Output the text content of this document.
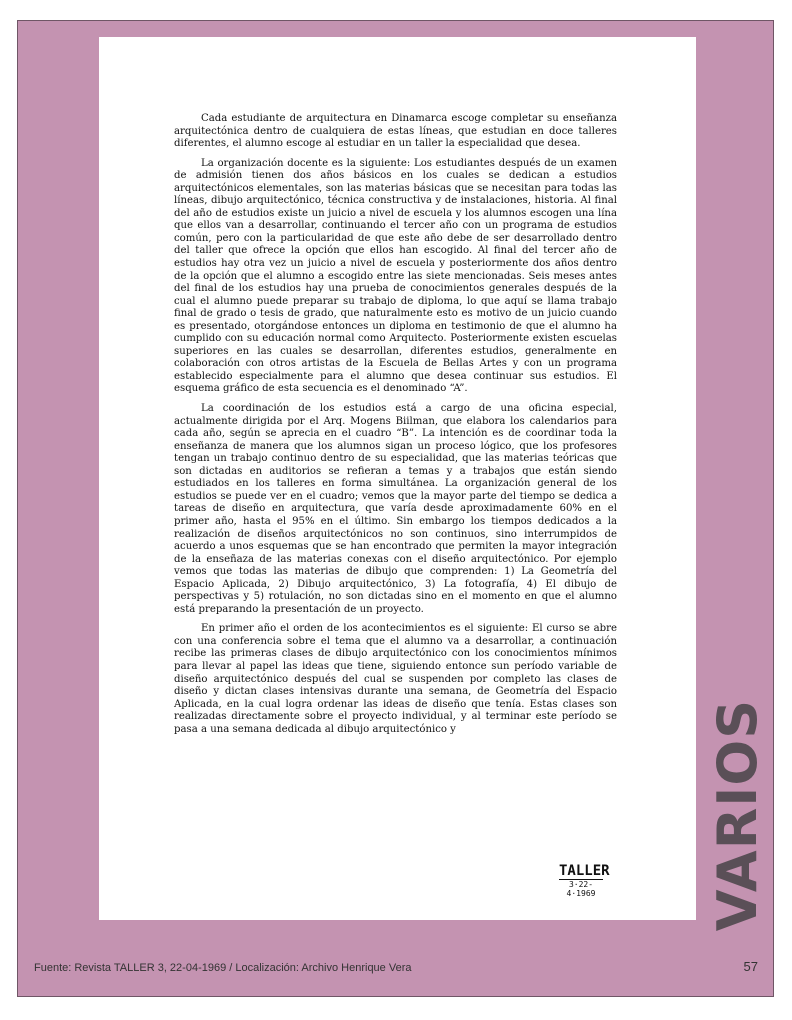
Cada estudiante de arquitectura en Dinamarca escoge completar su enseñanza arquitectónica dentro de cualquiera de estas líneas, que estudian en doce talleres diferentes, el alumno escoge al estudiar en un taller la especialidad que desea.

La organización docente es la siguiente: Los estudiantes después de un examen de admisión tienen dos años básicos en los cuales se dedican a estudios arquitectónicos elementales, son las materias básicas que se necesitan para todas las líneas, dibujo arquitectónico, técnica constructiva y de instalaciones, historia. Al final del año de estudios existe un juicio a nivel de escuela y los alumnos escogen una lína que ellos van a desarrollar, continuando el tercer año con un programa de estudios común, pero con la particularidad de que este año debe de ser desarrollado dentro del taller que ofrece la opción que ellos han escogido. Al final del tercer año de estudios hay otra vez un juicio a nivel de escuela y posteriormente dos años dentro de la opción que el alumno a escogido entre las siete mencionadas. Seis meses antes del final de los estudios hay una prueba de conocimientos generales después de la cual el alumno puede preparar su trabajo de diploma, lo que aquí se llama trabajo final de grado o tesis de grado, que naturalmente esto es motivo de un juicio cuando es presentado, otorgándose entonces un diploma en testimonio de que el alumno ha cumplido con su educación normal como Arquitecto. Posteriormente existen escuelas superiores en las cuales se desarrollan, diferentes estudios, generalmente en colaboración con otros artistas de la Escuela de Bellas Artes y con un programa establecido especialmente para el alumno que desea continuar sus estudios. El esquema gráfico de esta secuencia es el denominado “A”.

La coordinación de los estudios está a cargo de una oficina especial, actualmente dirigida por el Arq. Mogens Biilman, que elabora los calendarios para cada año, según se aprecia en el cuadro “B”. La intención es de coordinar toda la enseñanza de manera que los alumnos sigan un proceso lógico, que los profesores tengan un trabajo continuo dentro de su especialidad, que las materias teóricas que son dictadas en auditorios se refieran a temas y a trabajos que están siendo estudiados en los talleres en forma simultánea. La organización general de los estudios se puede ver en el cuadro; vemos que la mayor parte del tiempo se dedica a tareas de diseño en arquitectura, que varía desde aproximadamente 60% en el primer año, hasta el 95% en el último. Sin embargo los tiempos dedicados a la realización de diseños arquitectónicos no son continuos, sino interrumpidos de acuerdo a unos esquemas que se han encontrado que permiten la mayor integración de la enseñaza de las materias conexas con el diseño arquitectónico. Por ejemplo vemos que todas las materias de dibujo que comprenden: 1) La Geometría del Espacio Aplicada, 2) Dibujo arquitectónico, 3) La fotografía, 4) El dibujo de perspectivas y 5) rotulación, no son dictadas sino en el momento en que el alumno está preparando la presentación de un proyecto.

En primer año el orden de los acontecimientos es el siguiente: El curso se abre con una conferencia sobre el tema que el alumno va a desarrollar, a continuación recibe las primeras clases de dibujo arquitectónico con los conocimientos mínimos para llevar al papel las ideas que tiene, siguiendo entonce sun período variable de diseño arquitectónico después del cual se suspenden por completo las clases de diseño y dictan clases intensivas durante una semana, de Geometría del Espacio Aplicada, en la cual logra ordenar las ideas de diseño que tenía. Estas clases son realizadas directamente sobre el proyecto individual, y al terminar este período se pasa a una semana dedicada al dibujo arquitectónico y

TALLER
3·22-4·1969 VARIOS
Fuente: Revista TALLER 3, 22-04-1969 / Localización: Archivo Henrique Vera	57
